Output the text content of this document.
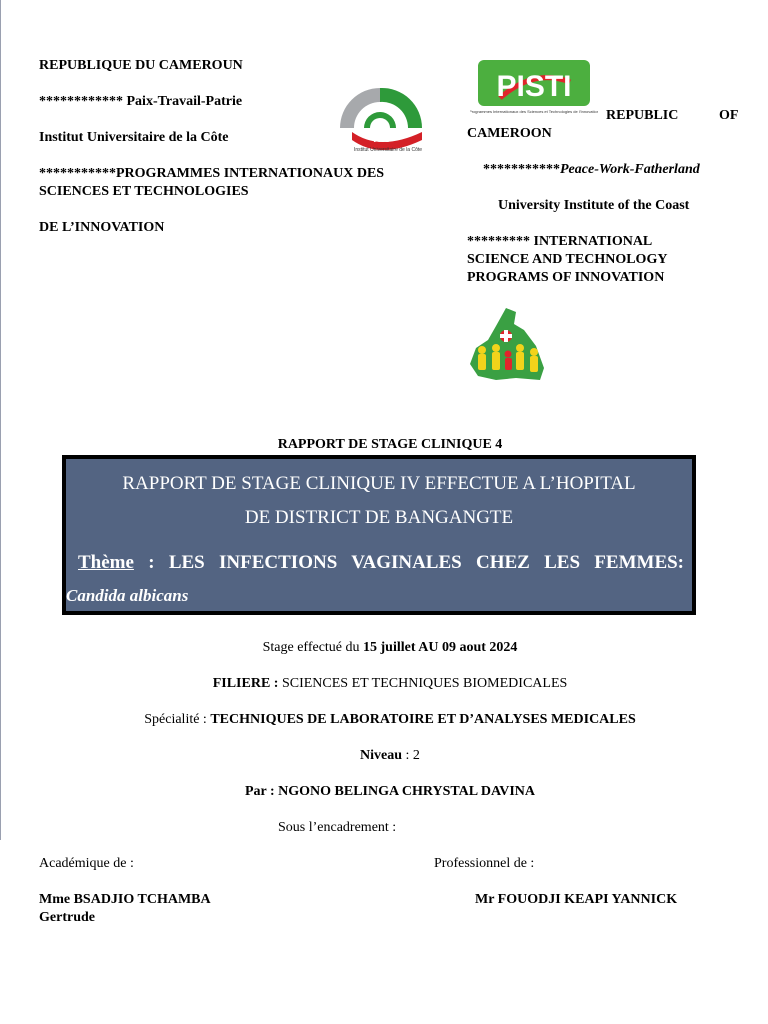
REPUBLIQUE DU CAMEROUN
************ Paix-Travail-Patrie
Institut Universitaire de la Côte
***********PROGRAMMES INTERNATIONAUX DES
SCIENCES ET TECHNOLOGIES
DE L’INNOVATION
IUC
Institut Universitaire de la Côte
PISTI
Programmes Internationaux des Sciences et Technologies de l'Innovation REPUBLIC	OF
CAMEROON
***********Peace-Work-Fatherland
University Institute of the Coast
********* INTERNATIONAL
SCIENCE AND TECHNOLOGY
PROGRAMS OF INNOVATION
RAPPORT DE STAGE CLINIQUE 4
RAPPORT DE STAGE CLINIQUE IV EFFECTUE A L’HOPITAL
DE DISTRICT DE BANGANGTE
Thème : LES INFECTIONS VAGINALES CHEZ LES FEMMES:
Candida albicans
Stage effectué du 15 juillet AU 09 aout 2024
FILIERE : SCIENCES ET TECHNIQUES BIOMEDICALES
Spécialité : TECHNIQUES DE LABORATOIRE ET D’ANALYSES MEDICALES
Niveau : 2
Par : NGONO BELINGA CHRYSTAL DAVINA
Sous l’encadrement :
Académique de :	Professionnel de :
Mme BSADJIO TCHAMBA
Gertrude
Mr FOUODJI KEAPI YANNICK
